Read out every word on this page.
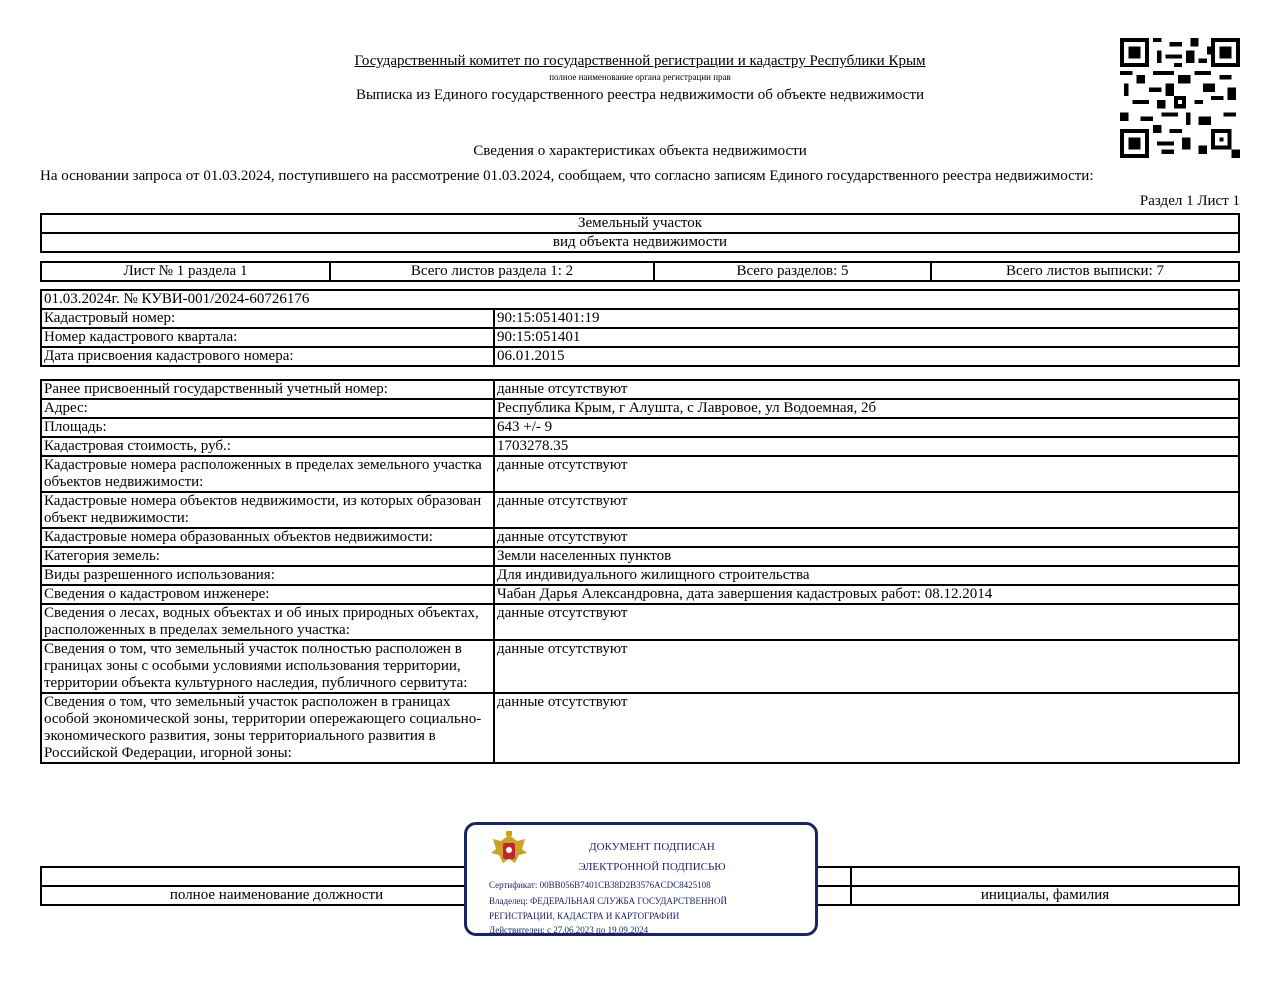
Государственный комитет по государственной регистрации и кадастру Республики Крым
полное наименование органа регистрации прав
Выписка из Единого государственного реестра недвижимости об объекте недвижимости
Сведения о характеристиках объекта недвижимости
На основании запроса от 01.03.2024, поступившего на рассмотрение 01.03.2024, сообщаем, что согласно записям Единого государственного реестра недвижимости:
Раздел 1 Лист 1
Земельный участок
вид объекта недвижимости
Лист № 1 раздела 1	Всего листов раздела 1: 2	Всего разделов: 5	Всего листов выписки: 7
01.03.2024г. № КУВИ-001/2024-60726176	
Кадастровый номер:	90:15:051401:19
Номер кадастрового квартала:	90:15:051401
Дата присвоения кадастрового номера:	06.01.2015
Ранее присвоенный государственный учетный номер:	данные отсутствуют
Адрес:	Республика Крым, г Алушта, с Лавровое, ул Водоемная, 2б
Площадь:	643 +/- 9
Кадастровая стоимость, руб.:	1703278.35
Кадастровые номера расположенных в пределах земельного участка объектов недвижимости:	данные отсутствуют
Кадастровые номера объектов недвижимости, из которых образован объект недвижимости:	данные отсутствуют
Кадастровые номера образованных объектов недвижимости:	данные отсутствуют
Категория земель:	Земли населенных пунктов
Виды разрешенного использования:	Для индивидуального жилищного строительства
Сведения о кадастровом инженере:	Чабан Дарья Александровна, дата завершения кадастровых работ: 08.12.2014
Сведения о лесах, водных объектах и об иных природных объектах, расположенных в пределах земельного участка:	данные отсутствуют
Сведения о том, что земельный участок полностью расположен в границах зоны с особыми условиями использования территории, территории объекта культурного наследия, публичного сервитута:	данные отсутствуют
Сведения о том, что земельный участок расположен в границах особой экономической зоны, территории опережающего социально-экономического развития, зоны территориального развития в Российской Федерации, игорной зоны:	данные отсутствуют

полное наименование должности		инициалы, фамилия
ДОКУМЕНТ ПОДПИСАН
ЭЛЕКТРОННОЙ ПОДПИСЬЮ
Сертификат: 00BB056B7401CB38D2B3576ACDC8425108
Владелец: ФЕДЕРАЛЬНАЯ СЛУЖБА ГОСУДАРСТВЕННОЙ
РЕГИСТРАЦИИ, КАДАСТРА И КАРТОГРАФИИ
Действителен: с 27.06.2023 по 19.09.2024
